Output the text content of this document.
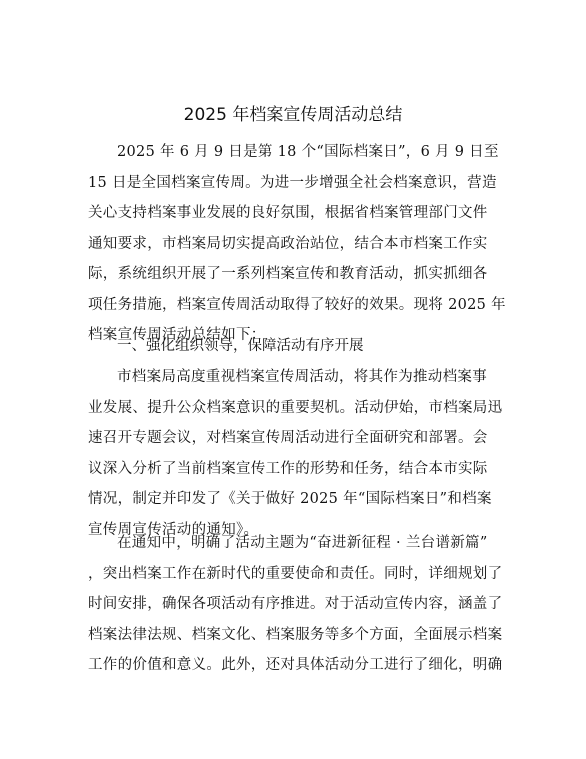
2025 年档案宣传周活动总结
2025 年 6 月 9 日是第 18 个“国际档案日”，6 月 9 日至
15 日是全国档案宣传周。为进一步增强全社会档案意识，营造
关心支持档案事业发展的良好氛围，根据省档案管理部门文件
通知要求，市档案局切实提高政治站位，结合本市档案工作实
际，系统组织开展了一系列档案宣传和教育活动，抓实抓细各
项任务措施，档案宣传周活动取得了较好的效果。现将 2025 年
档案宣传周活动总结如下：
一、强化组织领导，保障活动有序开展
市档案局高度重视档案宣传周活动，将其作为推动档案事
业发展、提升公众档案意识的重要契机。活动伊始，市档案局迅
速召开专题会议，对档案宣传周活动进行全面研究和部署。会
议深入分析了当前档案宣传工作的形势和任务，结合本市实际
情况，制定并印发了《关于做好 2025 年“国际档案日”和档案
宣传周宣传活动的通知》。
在通知中，明确了活动主题为“奋进新征程 · 兰台谱新篇”
，突出档案工作在新时代的重要使命和责任。同时，详细规划了
时间安排，确保各项活动有序推进。对于活动宣传内容，涵盖了
档案法律法规、档案文化、档案服务等多个方面，全面展示档案
工作的价值和意义。此外，还对具体活动分工进行了细化，明确
